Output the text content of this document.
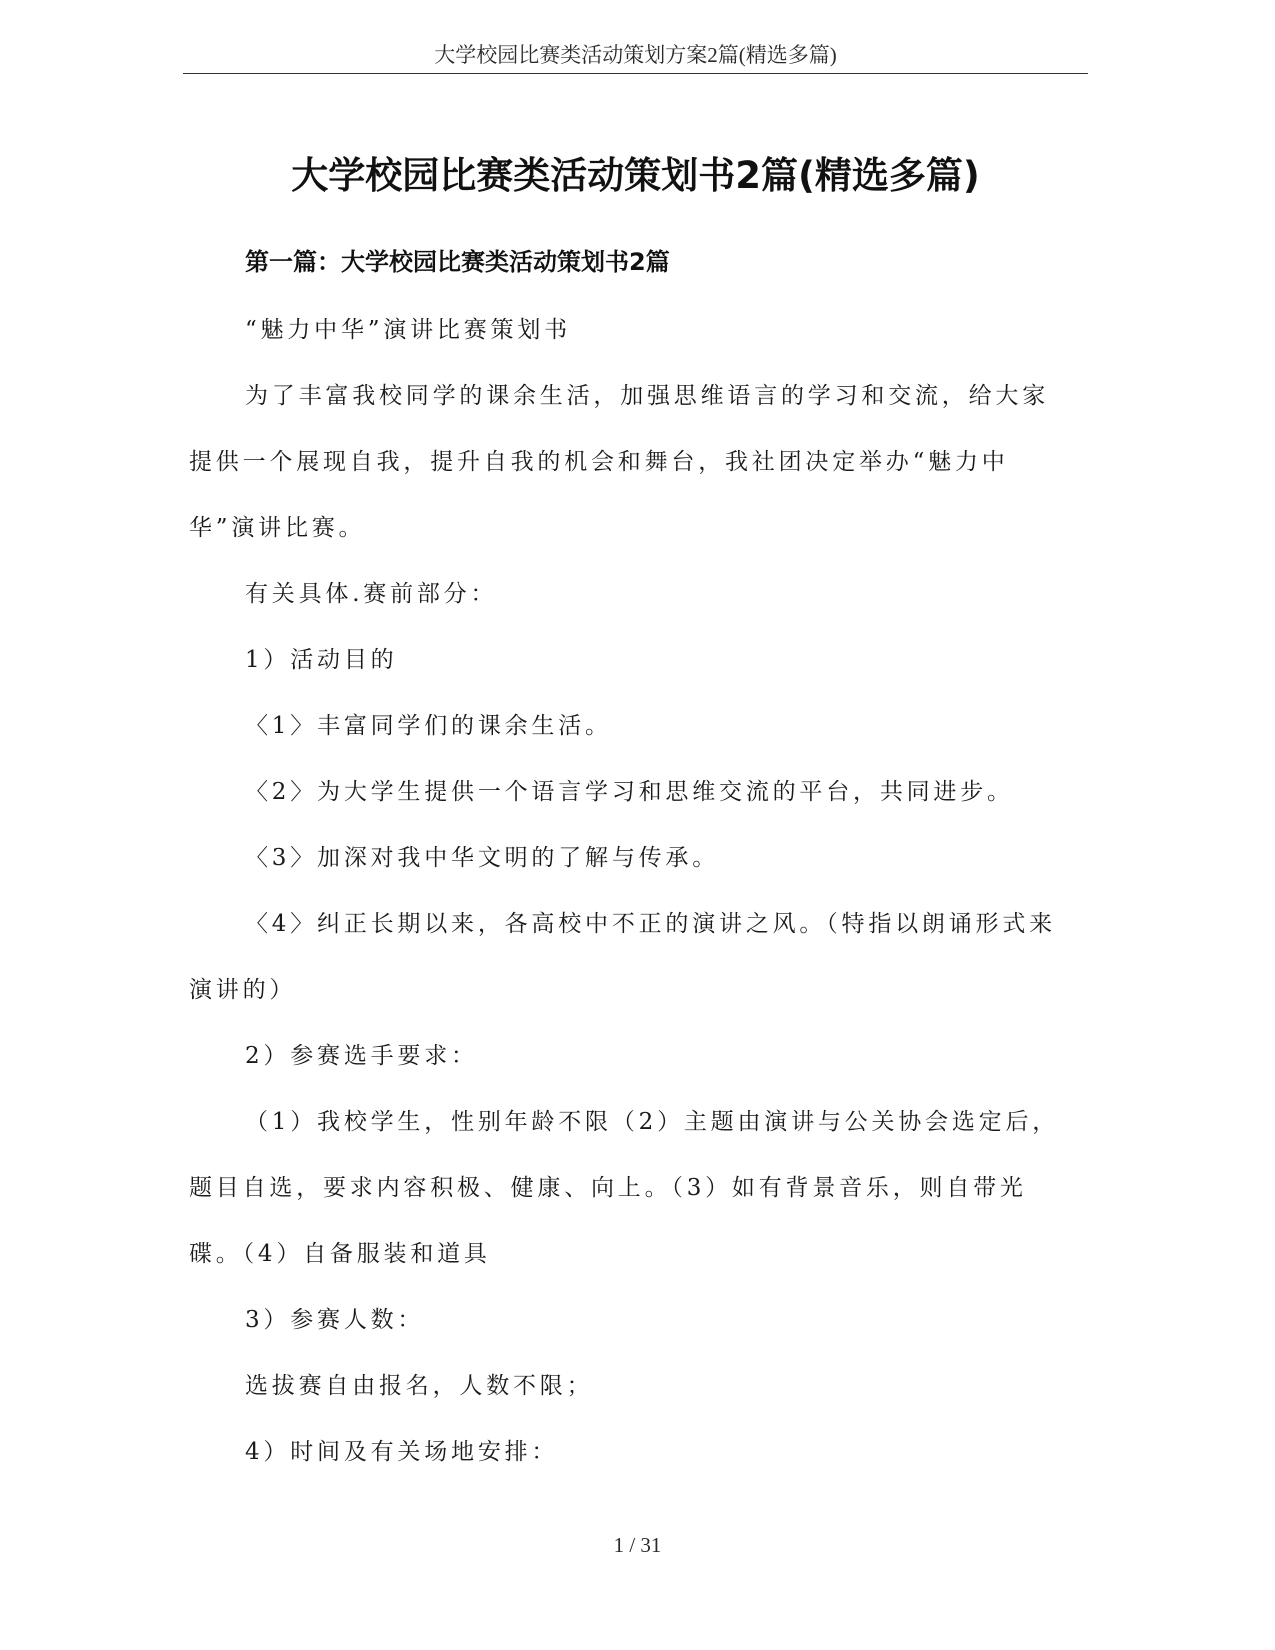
大学校园比赛类活动策划方案2篇(精选多篇)
大学校园比赛类活动策划书2篇(精选多篇)
第一篇：大学校园比赛类活动策划书2篇

“魅力中华”演讲比赛策划书

为了丰富我校同学的课余生活，加强思维语言的学习和交流，给大家提供一个展现自我，提升自我的机会和舞台，我社团决定举办“魅力中华”演讲比赛。

有关具体.赛前部分：

1）活动目的

〈1〉丰富同学们的课余生活。

〈2〉为大学生提供一个语言学习和思维交流的平台，共同进步。

〈3〉加深对我中华文明的了解与传承。

〈4〉纠正长期以来，各高校中不正的演讲之风。（特指以朗诵形式来演讲的）

2）参赛选手要求：

（1）我校学生，性别年龄不限（2）主题由演讲与公关协会选定后，题目自选，要求内容积极、健康、向上。（3）如有背景音乐，则自带光碟。（4）自备服装和道具

3）参赛人数：

选拔赛自由报名，人数不限；

4）时间及有关场地安排：

1 / 31
